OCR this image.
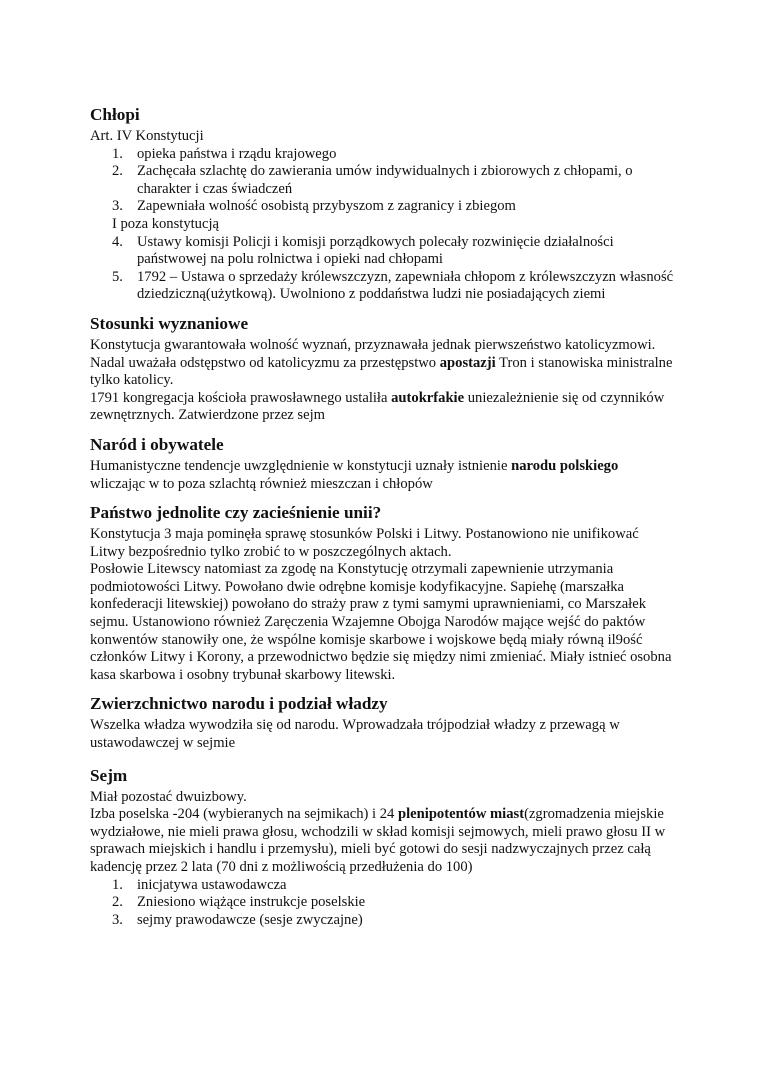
Chłopi

Art. IV Konstytucji

1. opieka państwa i rządu krajowego
2. Zachęcała szlachtę do zawierania umów indywidualnych i zbiorowych z chłopami, o charakter i czas świadczeń
3. Zapewniała wolność osobistą przybyszom z zagranicy i zbiegom

I poza konstytucją

4. Ustawy komisji Policji i komisji porządkowych polecały rozwinięcie działalności państwowej na polu rolnictwa i opieki nad chłopami
5. 1792 – Ustawa o sprzedaży królewszczyzn, zapewniała chłopom z królewszczyzn własność dziedziczną(użytkową). Uwolniono z poddaństwa ludzi nie posiadających ziemi
Stosunki wyznaniowe

Konstytucja gwarantowała wolność wyznań, przyznawała jednak pierwszeństwo katolicyzmowi. Nadal uważała odstępstwo od katolicyzmu za przestępstwo apostazji Tron i stanowiska ministralne tylko katolicy.

1791 kongregacja kościoła prawosławnego ustaliła autokrfakie uniezależnienie się od czynników zewnętrznych. Zatwierdzone przez sejm

Naród i obywatele

Humanistyczne tendencje uwzględnienie w konstytucji uznały istnienie narodu polskiego wliczając w to poza szlachtą również mieszczan i chłopów

Państwo jednolite czy zacieśnienie unii?

Konstytucja 3 maja pominęła sprawę stosunków Polski i Litwy. Postanowiono nie unifikować Litwy bezpośrednio tylko zrobić to w poszczególnych aktach.

Posłowie Litewscy natomiast za zgodę na Konstytucję otrzymali zapewnienie utrzymania podmiotowości Litwy. Powołano dwie odrębne komisje kodyfikacyjne. Sapiehę (marszałka konfederacji litewskiej) powołano do straży praw z tymi samymi uprawnieniami, co Marszałek sejmu. Ustanowiono również Zaręczenia Wzajemne Obojga Narodów mające wejść do paktów konwentów stanowiły one, że wspólne komisje skarbowe i wojskowe będą miały równą il9ość członków Litwy i Korony, a przewodnictwo będzie się między nimi zmieniać. Miały istnieć osobna kasa skarbowa i osobny trybunał skarbowy litewski.

Zwierzchnictwo narodu i podział władzy

Wszelka władza wywodziła się od narodu. Wprowadzała trójpodział władzy z przewagą w ustawodawczej w sejmie

Sejm

Miał pozostać dwuizbowy.

Izba poselska -204 (wybieranych na sejmikach) i 24 plenipotentów miast(zgromadzenia miejskie wydziałowe, nie mieli prawa głosu, wchodzili w skład komisji sejmowych, mieli prawo głosu II w sprawach miejskich i handlu i przemysłu), mieli być gotowi do sesji nadzwyczajnych przez całą kadencję przez 2 lata (70 dni z możliwością przedłużenia do 100)

1. inicjatywa ustawodawcza
2. Zniesiono wiążące instrukcje poselskie
3. sejmy prawodawcze (sesje zwyczajne)
